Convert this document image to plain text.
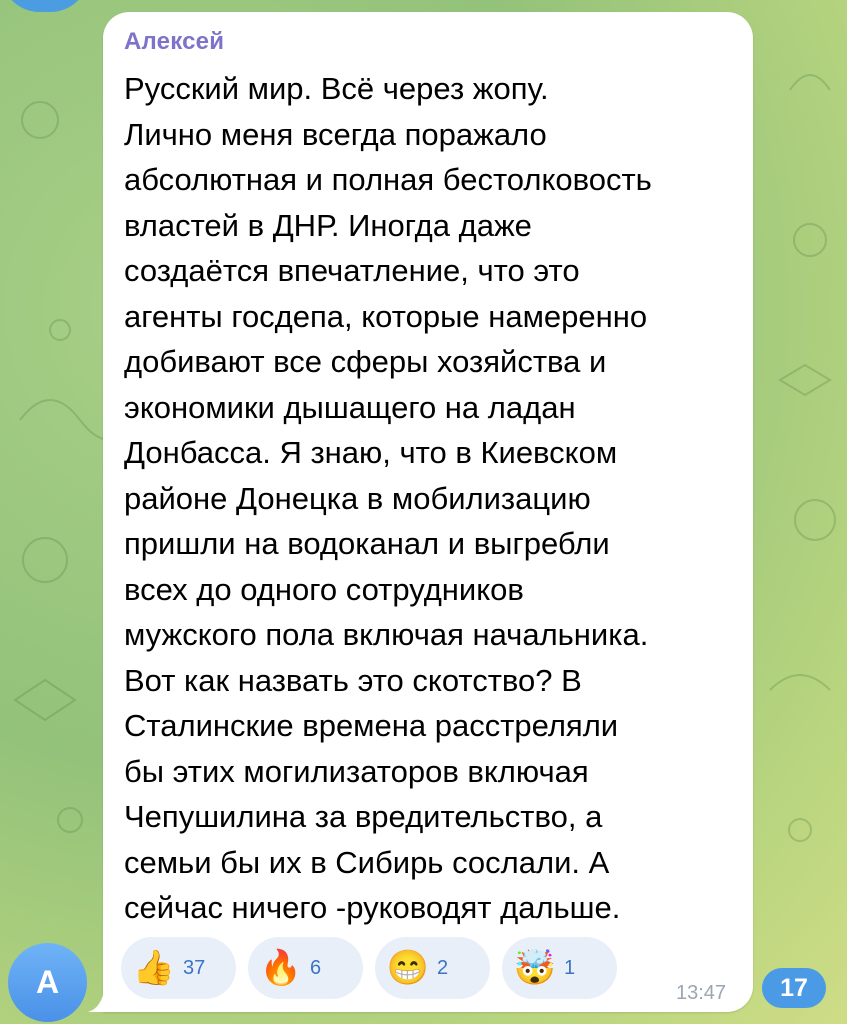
Алексей

Русский мир. Всё через жопу.
Лично меня всегда поражало
абсолютная и полная бестолковость
властей в ДНР. Иногда даже
создаётся впечатление, что это
агенты госдепа, которые намеренно
добивают все сферы хозяйства и
экономики дышащего на ладан
Донбасса. Я знаю, что в Киевском
районе Донецка в мобилизацию
пришли на водоканал и выгребли
всех до одного сотрудников
мужского пола включая начальника.
Вот как назвать это скотство? В
Сталинские времена расстреляли
бы этих могилизаторов включая
Чепушилина за вредительство, а
семьи бы их в Сибирь сослали. А
сейчас ничего -руководят дальше.

👍 37 🔥 6 😁 2 🤯 1
13:47
А	17
